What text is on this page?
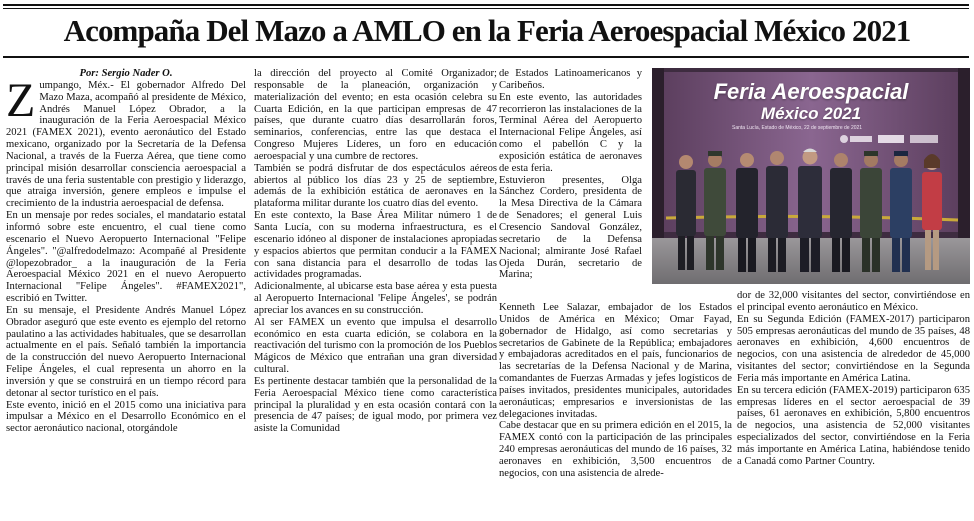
Acompaña Del Mazo a AMLO en la Feria Aeroespacial México 2021

Por: Sergio Nader O.

Zumpango, Méx.- El gobernador Alfredo Del Mazo Maza, acompañó al presidente de México, Andrés Manuel López Obrador, a la inauguración de la Feria Aeroespacial México 2021 (FAMEX 2021), evento aeronáutico del Estado mexicano, organizado por la Secretaría de la Defensa Nacional, a través de la Fuerza Aérea, que tiene como principal misión desarrollar consciencia aeroespacial a través de una feria sustentable con prestigio y liderazgo, que atraiga inversión, genere empleos e impulse el crecimiento de la industria aeroespacial de defensa.

En un mensaje por redes sociales, el mandatario estatal informó sobre este encuentro, el cual tiene como escenario el Nuevo Aeropuerto Internacional "Felipe Ángeles". "@alfredodelmazo: Acompañé al Presidente @lopezobrador_ a la inauguración de la Feria Aeroespacial México 2021 en el nuevo Aeropuerto Internacional "Felipe Ángeles". #FAMEX2021", escribió en Twitter.

En su mensaje, el Presidente Andrés Manuel López Obrador aseguró que este evento es ejemplo del retorno paulatino a las actividades habituales, que se desarrollan actualmente en el país. Señaló también la importancia de la construcción del nuevo Aeropuerto Internacional Felipe Ángeles, el cual representa un ahorro en la inversión y que se construirá en un tiempo récord para detonar al sector turístico en el país.

Este evento, inició en el 2015 como una iniciativa para impulsar a México en el Desarrollo Económico en el sector aeronáutico nacional, otorgándole

la dirección del proyecto al Comité Organizador; responsable de la planeación, organización y materialización del evento; en esta ocasión celebra su Cuarta Edición, en la que participan empresas de 47 países, que durante cuatro días desarrollarán foros, seminarios, conferencias, entre las que destaca el Congreso Mujeres Líderes, un foro en educación aeroespacial y una cumbre de rectores.

También se podrá disfrutar de dos espectáculos aéreos abiertos al público los días 23 y 25 de septiembre, además de la exhibición estática de aeronaves en la plataforma militar durante los cuatro días del evento.

En este contexto, la Base Área Militar número 1 de Santa Lucía, con su moderna infraestructura, es el escenario idóneo al disponer de instalaciones apropiadas y espacios abiertos que permitan conducir a la FAMEX con sana distancia para el desarrollo de todas las actividades programadas.

Adicionalmente, al ubicarse esta base aérea y esta puesta al Aeropuerto Internacional 'Felipe Ángeles', se podrán apreciar los avances en su construcción.

Al ser FAMEX un evento que impulsa el desarrollo económico en esta cuarta edición, se colabora en la reactivación del turismo con la promoción de los Pueblos Mágicos de México que entrañan una gran diversidad cultural.

Es pertinente destacar también que la personalidad de la Feria Aeroespacial México tiene como característica principal la pluralidad y en esta ocasión contará con la presencia de 47 países; de igual modo, por primera vez asiste la Comunidad

de Estados Latinoamericanos y Caribeños.

En este evento, las autoridades recorrieron las instalaciones de la Terminal Aérea del Aeropuerto Internacional Felipe Ángeles, así como el pabellón C y la exposición estática de aeronaves de esta feria.

Estuvieron presentes, Olga Sánchez Cordero, presidenta de la Mesa Directiva de la Cámara de Senadores; el general Luis Cresencio Sandoval González, secretario de la Defensa Nacional; almirante José Rafael Ojeda Durán, secretario de Marina;

Kenneth Lee Salazar, embajador de los Estados Unidos de América en México; Omar Fayad, gobernador de Hidalgo, así como secretarias y secretarios de Gabinete de la República; embajadores y embajadoras acreditados en el país, funcionarios de las secretarías de la Defensa Nacional y de Marina, comandantes de Fuerzas Armadas y jefes logísticos de países invitados, presidentes municipales, autoridades aeronáuticas; empresarios e inversionistas de las delegaciones invitadas.

Cabe destacar que en su primera edición en el 2015, la FAMEX contó con la participación de las principales 240 empresas aeronáuticas del mundo de 16 países, 32 aeronaves en exhibición, 3,500 encuentros de negocios, con una asistencia de alrede-

dor de 32,000 visitantes del sector, convirtiéndose en el principal evento aeronáutico en México.

En su Segunda Edición (FAMEX-2017) participaron 505 empresas aeronáuticas del mundo de 35 países, 48 aeronaves en exhibición, 4,600 encuentros de negocios, con una asistencia de alrededor de 45,000 visitantes del sector; convirtiéndose en la Segunda Feria más importante en América Latina.

En su tercera edición (FAMEX-2019) participaron 635 empresas líderes en el sector aeroespacial de 39 países, 61 aeronaves en exhibición, 5,800 encuentros de negocios, una asistencia de 52,000 visitantes especializados del sector, convirtiéndose en la Feria más importante en América Latina, habiéndose tenido a Canadá como Partner Country.

Feria Aeroespacial
México 2021
Santa Lucía, Estado de México, 22 de septiembre de 2021
